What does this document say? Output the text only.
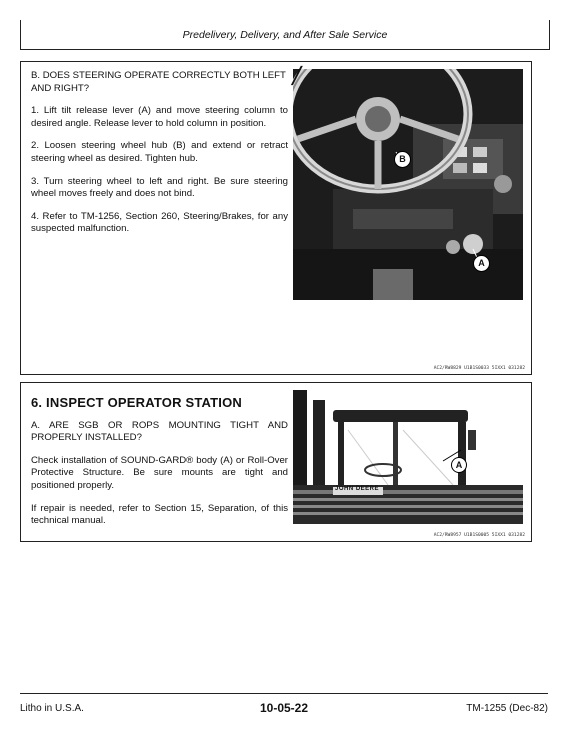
Predelivery, Delivery, and After Sale Service

B. DOES STEERING OPERATE CORRECTLY BOTH LEFT AND RIGHT?

1. Lift tilt release lever (A) and move steering column to desired angle. Release lever to hold column in position.

2. Loosen steering wheel hub (B) and extend or retract steering wheel as desired. Tighten hub.

3. Turn steering wheel to left and right. Be sure steering wheel moves freely and does not bind.

4. Refer to TM-1256, Section 260, Steering/Brakes, for any suspected malfunction.

B
A
AC2/RW8829 U1B1S0033 5IXX1 031282
╱
6. INSPECT OPERATOR STATION

A. ARE SGB OR ROPS MOUNTING TIGHT AND PROPERLY INSTALLED?

Check installation of SOUND-GARD® body (A) or Roll-Over Protective Structure. Be sure mounts are tight and positioned properly.

If repair is needed, refer to Section 15, Separation, of this technical manual.

JOHN DEERE
A
AC2/RW8957 U1B1S0005 5IXX1 031282
Litho in U.S.A.	10-05-22	TM-1255 (Dec-82)
